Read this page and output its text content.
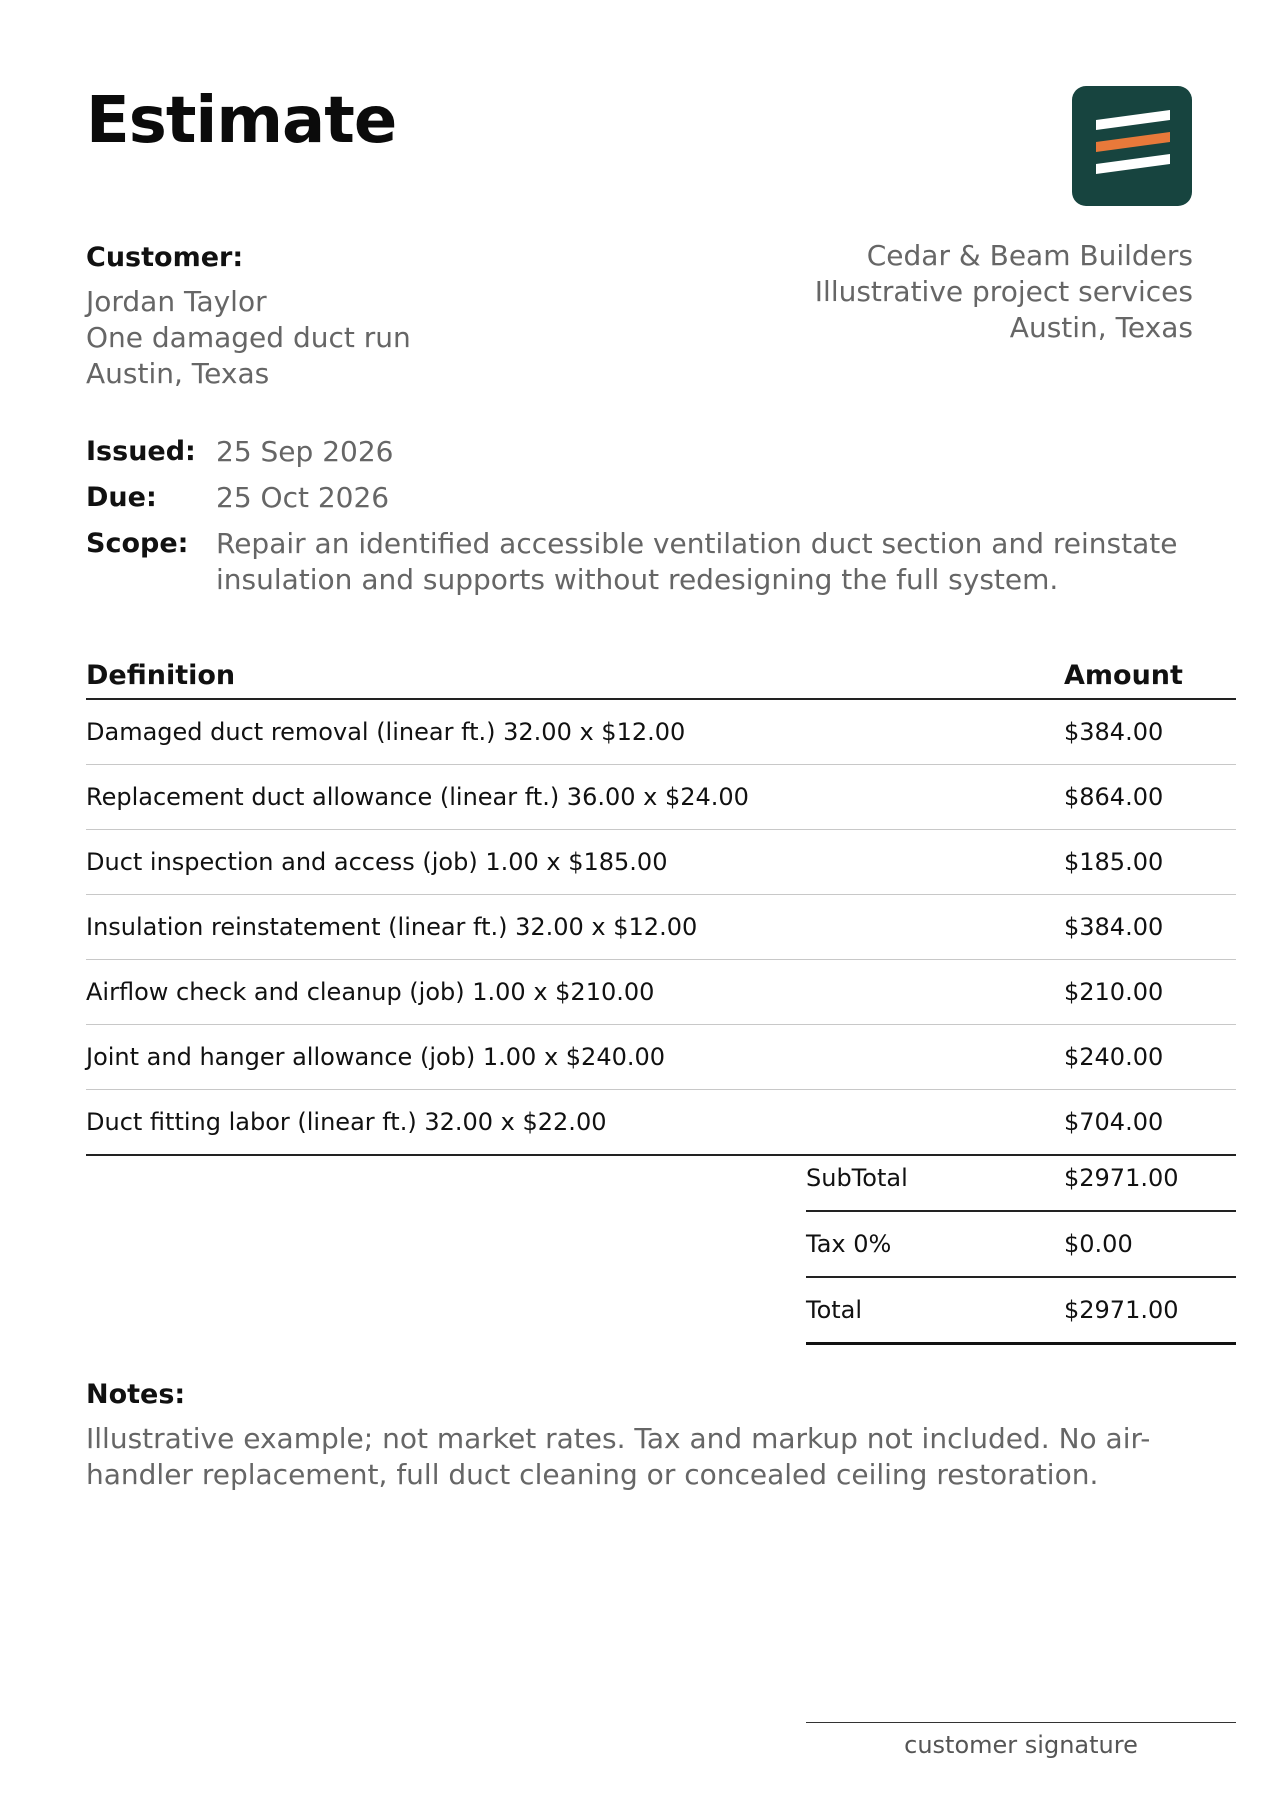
Estimate
Customer:
Jordan Taylor
One damaged duct run
Austin, Texas
Cedar & Beam Builders
Illustrative project services
Austin, Texas
Issued: 25 Sep 2026
Due:	25 Oct 2026
Scope: Repair an identified accessible ventilation duct section and reinstate insulation and supports without redesigning the full system.
Definition	Amount
Damaged duct removal (linear ft.) 32.00 x $12.00	$384.00
Replacement duct allowance (linear ft.) 36.00 x $24.00	$864.00
Duct inspection and access (job) 1.00 x $185.00	$185.00
Insulation reinstatement (linear ft.) 32.00 x $12.00	$384.00
Airflow check and cleanup (job) 1.00 x $210.00	$210.00
Joint and hanger allowance (job) 1.00 x $240.00	$240.00
Duct fitting labor (linear ft.) 32.00 x $22.00	$704.00
SubTotal	$2971.00
Tax 0%	$0.00
Total	$2971.00
Notes:
Illustrative example; not market rates. Tax and markup not included. No air-handler replacement, full duct cleaning or concealed ceiling restoration.
customer signature
